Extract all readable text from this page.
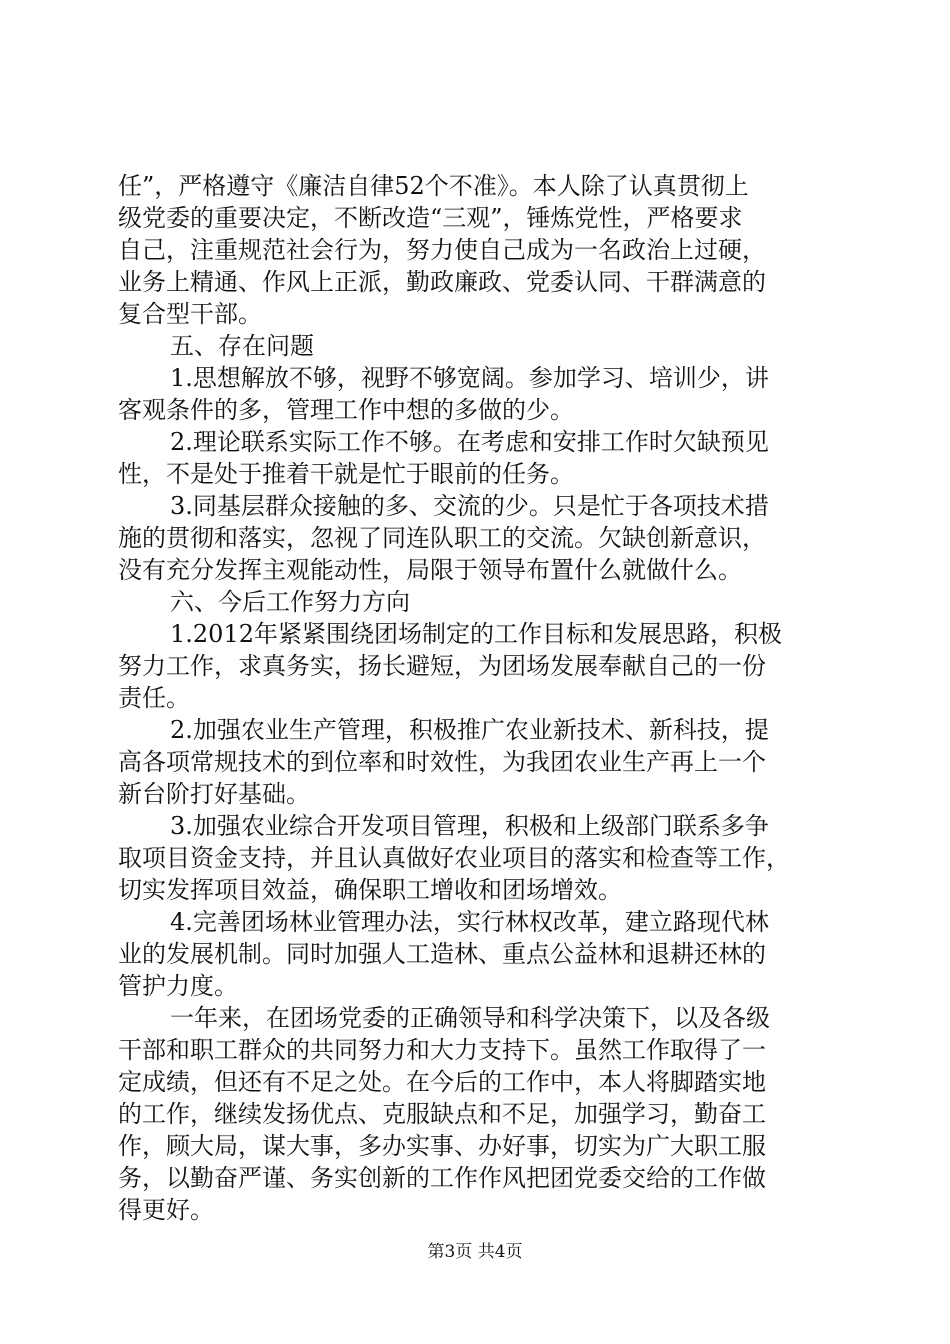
任”，严格遵守《廉洁自律52个不准》。本人除了认真贯彻上
级党委的重要决定，不断改造“三观”，锤炼党性，严格要求
自己，注重规范社会行为，努力使自己成为一名政治上过硬，
业务上精通、作风上正派，勤政廉政、党委认同、干群满意的
复合型干部。
五、存在问题
1.思想解放不够，视野不够宽阔。参加学习、培训少，讲
客观条件的多，管理工作中想的多做的少。
2.理论联系实际工作不够。在考虑和安排工作时欠缺预见
性，不是处于推着干就是忙于眼前的任务。
3.同基层群众接触的多、交流的少。只是忙于各项技术措
施的贯彻和落实，忽视了同连队职工的交流。欠缺创新意识，
没有充分发挥主观能动性，局限于领导布置什么就做什么。
六、今后工作努力方向
1.2012年紧紧围绕团场制定的工作目标和发展思路，积极
努力工作，求真务实，扬长避短，为团场发展奉献自己的一份
责任。
2.加强农业生产管理，积极推广农业新技术、新科技，提
高各项常规技术的到位率和时效性，为我团农业生产再上一个
新台阶打好基础。
3.加强农业综合开发项目管理，积极和上级部门联系多争
取项目资金支持，并且认真做好农业项目的落实和检查等工作，
切实发挥项目效益，确保职工增收和团场增效。
4.完善团场林业管理办法，实行林权改革，建立路现代林
业的发展机制。同时加强人工造林、重点公益林和退耕还林的
管护力度。
一年来，在团场党委的正确领导和科学决策下，以及各级
干部和职工群众的共同努力和大力支持下。虽然工作取得了一
定成绩，但还有不足之处。在今后的工作中，本人将脚踏实地
的工作，继续发扬优点、克服缺点和不足，加强学习，勤奋工
作，顾大局，谋大事，多办实事、办好事，切实为广大职工服
务，以勤奋严谨、务实创新的工作作风把团党委交给的工作做
得更好。
第3页 共4页
